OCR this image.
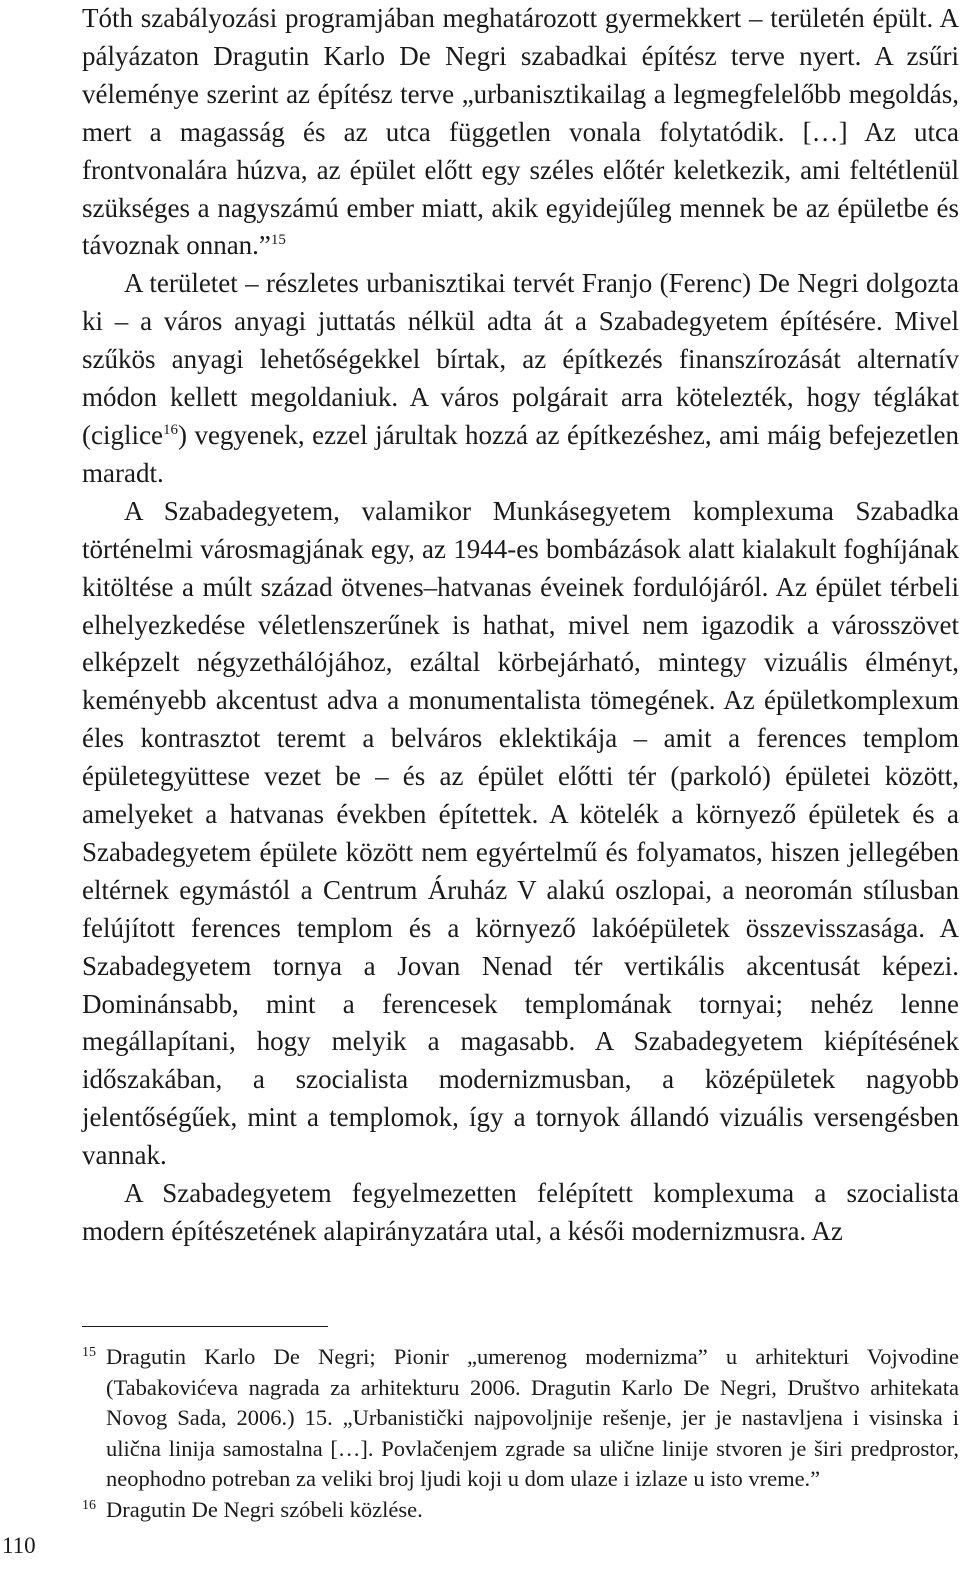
Tóth szabályozási programjában meghatározott gyermekkert – területén épült. A pályázaton Dragutin Karlo De Negri szabadkai építész terve nyert. A zsűri véleménye szerint az építész terve „urbanisztikailag a legmegfelelőbb megoldás, mert a magasság és az utca független vonala folytatódik. […] Az utca frontvonalára húzva, az épület előtt egy széles előtér keletkezik, ami feltétlenül szükséges a nagyszámú ember miatt, akik egyidejűleg mennek be az épületbe és távoznak onnan.”$^{15}$

A területet – részletes urbanisztikai tervét Franjo (Ferenc) De Negri dolgozta ki – a város anyagi juttatás nélkül adta át a Szabadegyetem építésére. Mivel szűkös anyagi lehetőségekkel bírtak, az építkezés finanszírozását alternatív módon kellett megoldaniuk. A város polgárait arra kötelezték, hogy téglákat (ciglice$^{16}$) vegyenek, ezzel járultak hozzá az építkezéshez, ami máig befejezetlen maradt.

A Szabadegyetem, valamikor Munkásegyetem komplexuma Szabadka történelmi városmagjának egy, az 1944-es bombázások alatt kialakult foghíjának kitöltése a múlt század ötvenes–hatvanas éveinek fordulójáról. Az épület térbeli elhelyezkedése véletlenszerűnek is hathat, mivel nem igazodik a városszövet elképzelt négyzethálójához, ezáltal körbejárható, mintegy vizuális élményt, keményebb akcentust adva a monumentalista tömegének. Az épületkomplexum éles kontrasztot teremt a belváros eklektikája – amit a ferences templom épületegyüttese vezet be – és az épület előtti tér (parkoló) épületei között, amelyeket a hatvanas években építettek. A kötelék a környező épületek és a Szabadegyetem épülete között nem egyértelmű és folyamatos, hiszen jellegében eltérnek egymástól a Centrum Áruház V alakú oszlopai, a neoromán stílusban felújított ferences templom és a környező lakóépületek összevisszasága. A Szabadegyetem tornya a Jovan Nenad tér vertikális akcentusát képezi. Dominánsabb, mint a ferencesek templomának tornyai; nehéz lenne megállapítani, hogy melyik a magasabb. A Szabadegyetem kiépítésének időszakában, a szocialista modernizmusban, a középületek nagyobb jelentőségűek, mint a templomok, így a tornyok állandó vizuális versengésben vannak.

A Szabadegyetem fegyelmezetten felépített komplexuma a szocialista modern építészetének alapirányzatára utal, a késői modernizmusra. Az

15 Dragutin Karlo De Negri; Pionir „umerenog modernizma” u arhitekturi Vojvodine (Tabakovićeva nagrada za arhitekturu 2006. Dragutin Karlo De Negri, Društvo arhitekata Novog Sada, 2006.) 15. „Urbanistički najpovoljnije rešenje, jer je nastavljena i visinska i ulična linija samostalna […]. Povlačenjem zgrade sa ulične linije stvoren je širi predprostor, neophodno potreban za veliki broj ljudi koji u dom ulaze i izlaze u isto vreme.”
16 Dragutin De Negri szóbeli közlése.
110
